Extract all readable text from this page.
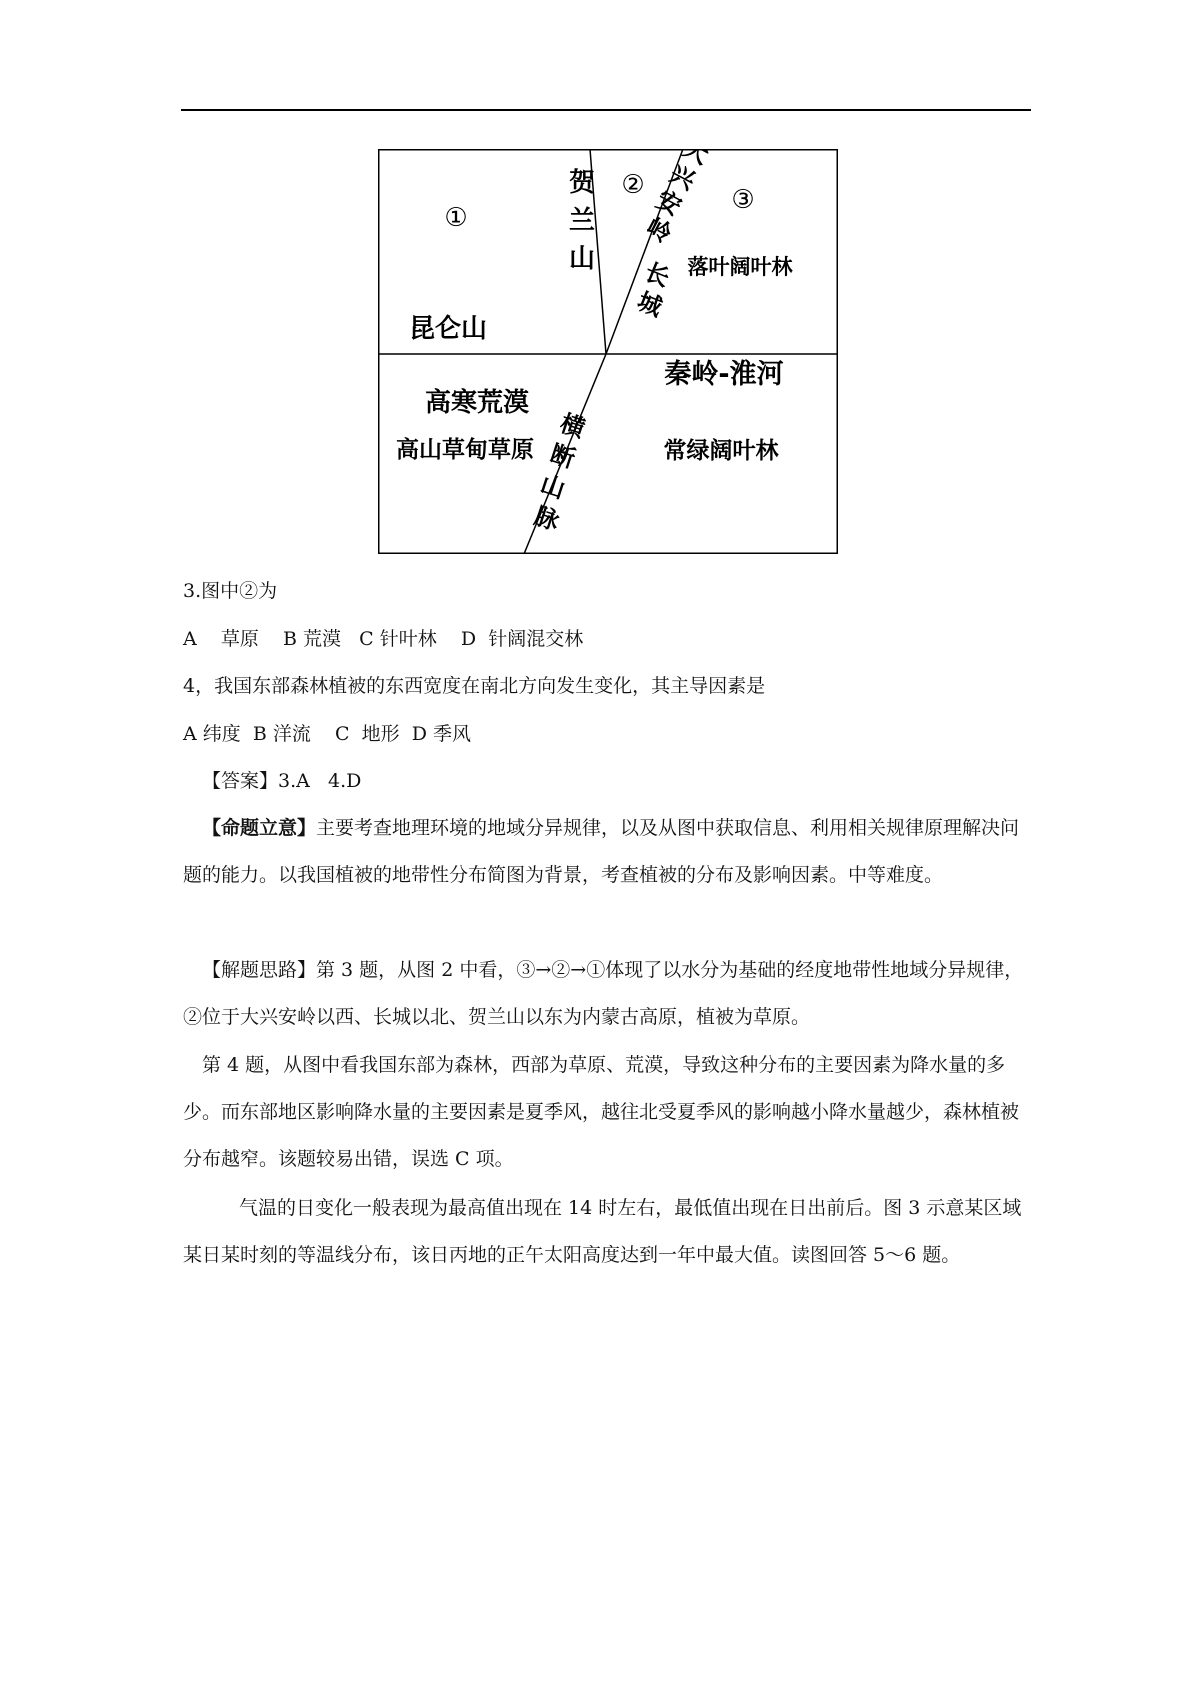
①
②	③
贺 兰 山
大 兴 安 岭
长 城
落叶阔叶林
昆仑山
秦岭-淮河
高寒荒漠
高山草甸草原	常绿阔叶林
横 断 山 脉

3.图中②为

A    草原    B 荒漠   C 针叶林    D  针阔混交林

4，我国东部森林植被的东西宽度在南北方向发生变化，其主导因素是

A 纬度  B 洋流    C  地形  D 季风

【答案】3.A   4.D

【命题立意】主要考查地理环境的地域分异规律，以及从图中获取信息、利用相关规律原理解决问题的能力。以我国植被的地带性分布简图为背景，考查植被的分布及影响因素。中等难度。

【解题思路】第 3 题，从图 2 中看，③→②→①体现了以水分为基础的经度地带性地域分异规律，②位于大兴安岭以西、长城以北、贺兰山以东为内蒙古高原，植被为草原。

第 4 题，从图中看我国东部为森林，西部为草原、荒漠，导致这种分布的主要因素为降水量的多少。而东部地区影响降水量的主要因素是夏季风，越往北受夏季风的影响越小降水量越少，森林植被分布越窄。该题较易出错，误选 C 项。

气温的日变化一般表现为最高值出现在 14 时左右，最低值出现在日出前后。图 3 示意某区域某日某时刻的等温线分布，该日丙地的正午太阳高度达到一年中最大值。读图回答 5～6 题。
